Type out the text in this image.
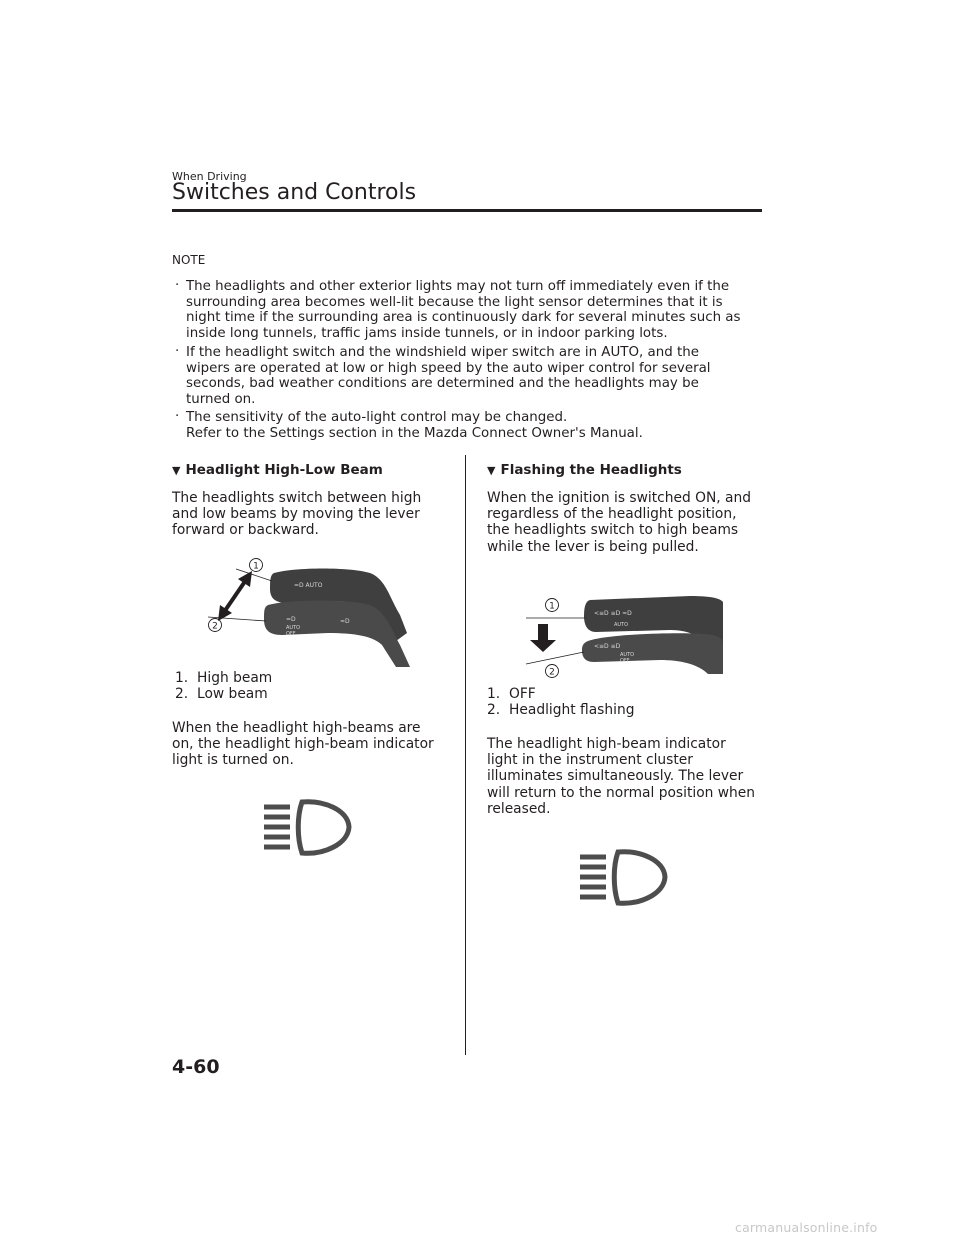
When Driving
Switches and Controls
NOTE

· The headlights and other exterior lights may not turn off immediately even if the
surrounding area becomes well-lit because the light sensor determines that it is
night time if the surrounding area is continuously dark for several minutes such as
inside long tunnels, traffic jams inside tunnels, or in indoor parking lots.

· If the headlight switch and the windshield wiper switch are in AUTO, and the
wipers are operated at low or high speed by the auto wiper control for several
seconds, bad weather conditions are determined and the headlights may be
turned on.

· The sensitivity of the auto-light control may be changed.
Refer to the Settings section in the Mazda Connect Owner's Manual.

▼ Headlight High-Low Beam
The headlights switch between high
and low beams by moving the lever
forward or backward.
=D AUTO
=D
AUTO
OFF
≈D
1
2
1. High beam
2. Low beam
When the headlight high-beams are
on, the headlight high-beam indicator
light is turned on.
▼ Flashing the Headlights
When the ignition is switched ON, and
regardless of the headlight position,
the headlights switch to high beams
while the lever is being pulled.
<≡D ≡D ≈D
AUTO
<≡D ≡D
AUTO
OFF
1
2
1. OFF
2. Headlight flashing
The headlight high-beam indicator
light in the instrument cluster
illuminates simultaneously. The lever
will return to the normal position when
released.
4-60
carmanualsonline.info
